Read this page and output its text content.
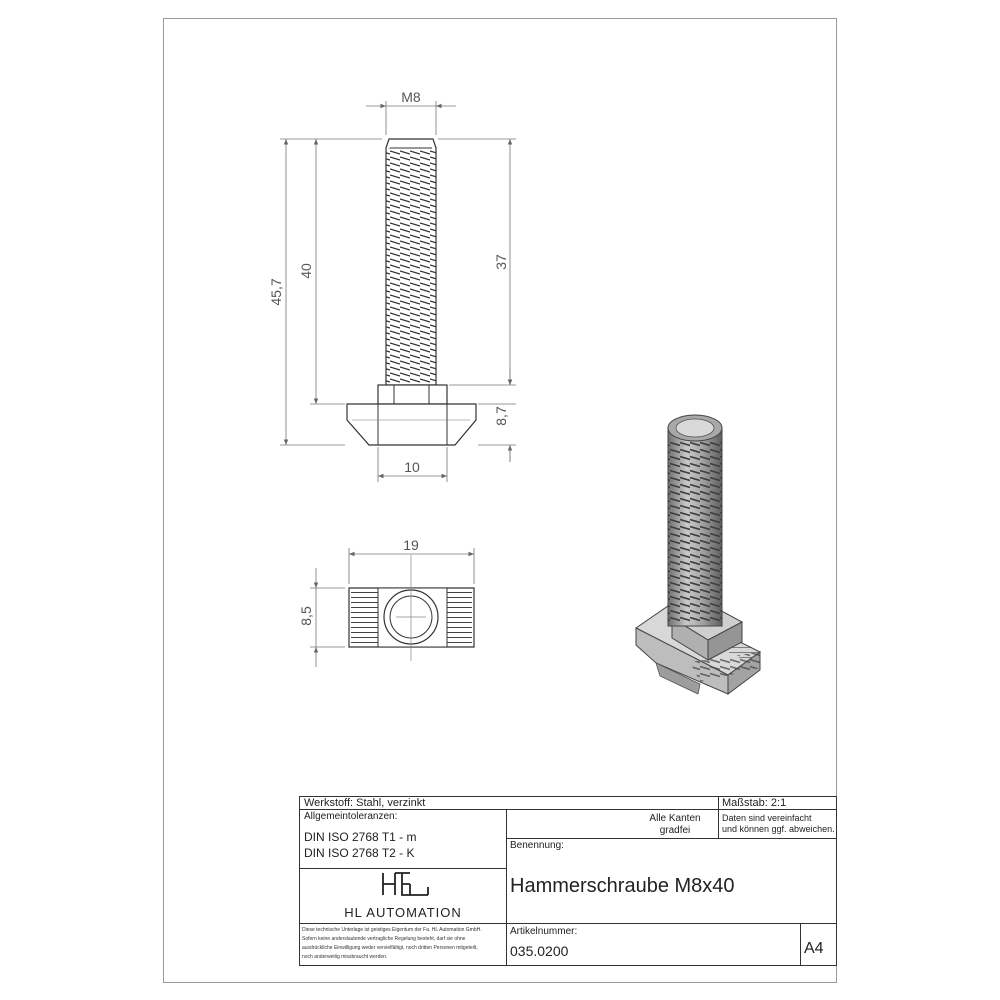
M8
45,7
40
37
8,7
10
19
8,5
Werkstoff: Stahl, verzinkt	Maßstab: 2:1
Allgemeintoleranzen:
DIN ISO 2768 T1 - m
DIN ISO 2768 T2 - K
Alle Kanten
gradfei
Daten sind vereinfacht
und können ggf. abweichen.
Benennung:
Hammerschraube M8x40
HL AUTOMATION
Diese technische Unterlage ist geistiges Eigentum der Fa. HL Automation GmbH.
Sofern keine anderslautende vertragliche Regelung besteht, darf sie ohne
ausdrückliche Einwilligung weder vervielfältigt, noch dritten Personen mitgeteilt,
noch anderweitig missbraucht werden.
Artikelnummer:
035.0200	A4
